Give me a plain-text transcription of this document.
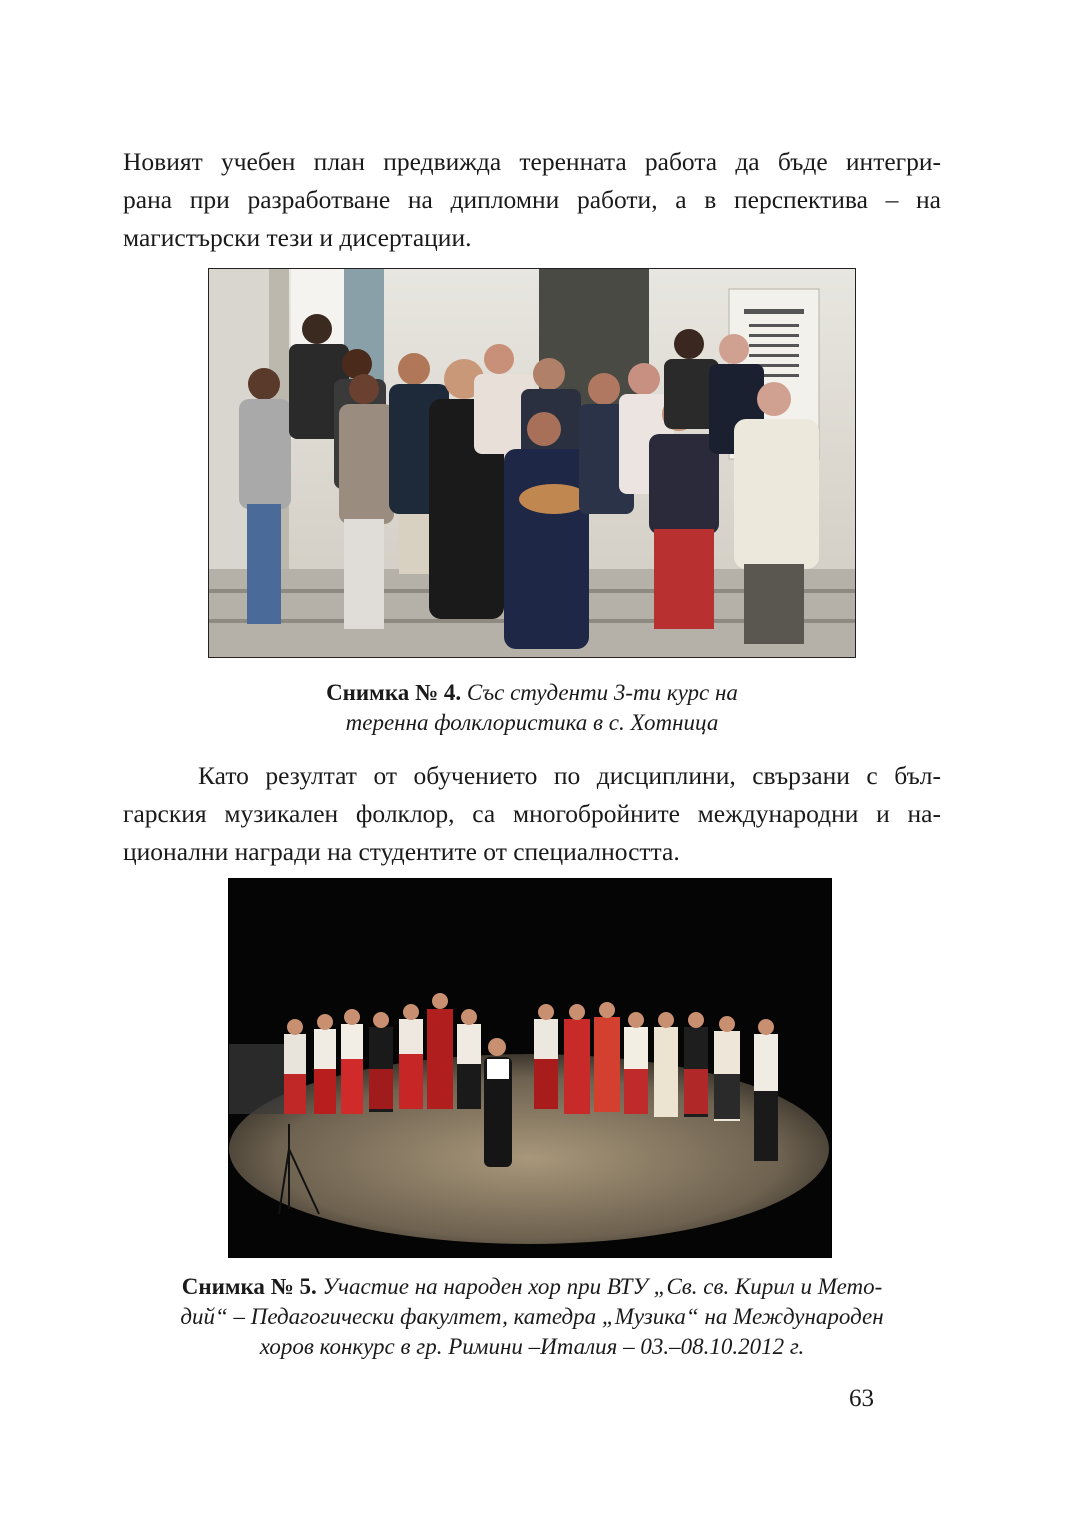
Новият учебен план предвижда теренната работа да бъде интегри-
рана при разработване на дипломни работи, а в перспектива – на
магистърски тези и дисертации.
Снимка № 4. Със студенти 3-ти курс на
теренна фолклористика в с. Хотница
Като резултат от обучението по дисциплини, свързани с бъл-
гарския музикален фолклор, са многобройните международни и на-
ционални награди на студентите от специалността.
Снимка № 5. Участие на народен хор при ВТУ „Св. св. Кирил и Мето-
дий“ – Педагогически факултет, катедра „Музика“ на Международен
хоров конкурс в гр. Римини –Италия – 03.–08.10.2012 г.
63
